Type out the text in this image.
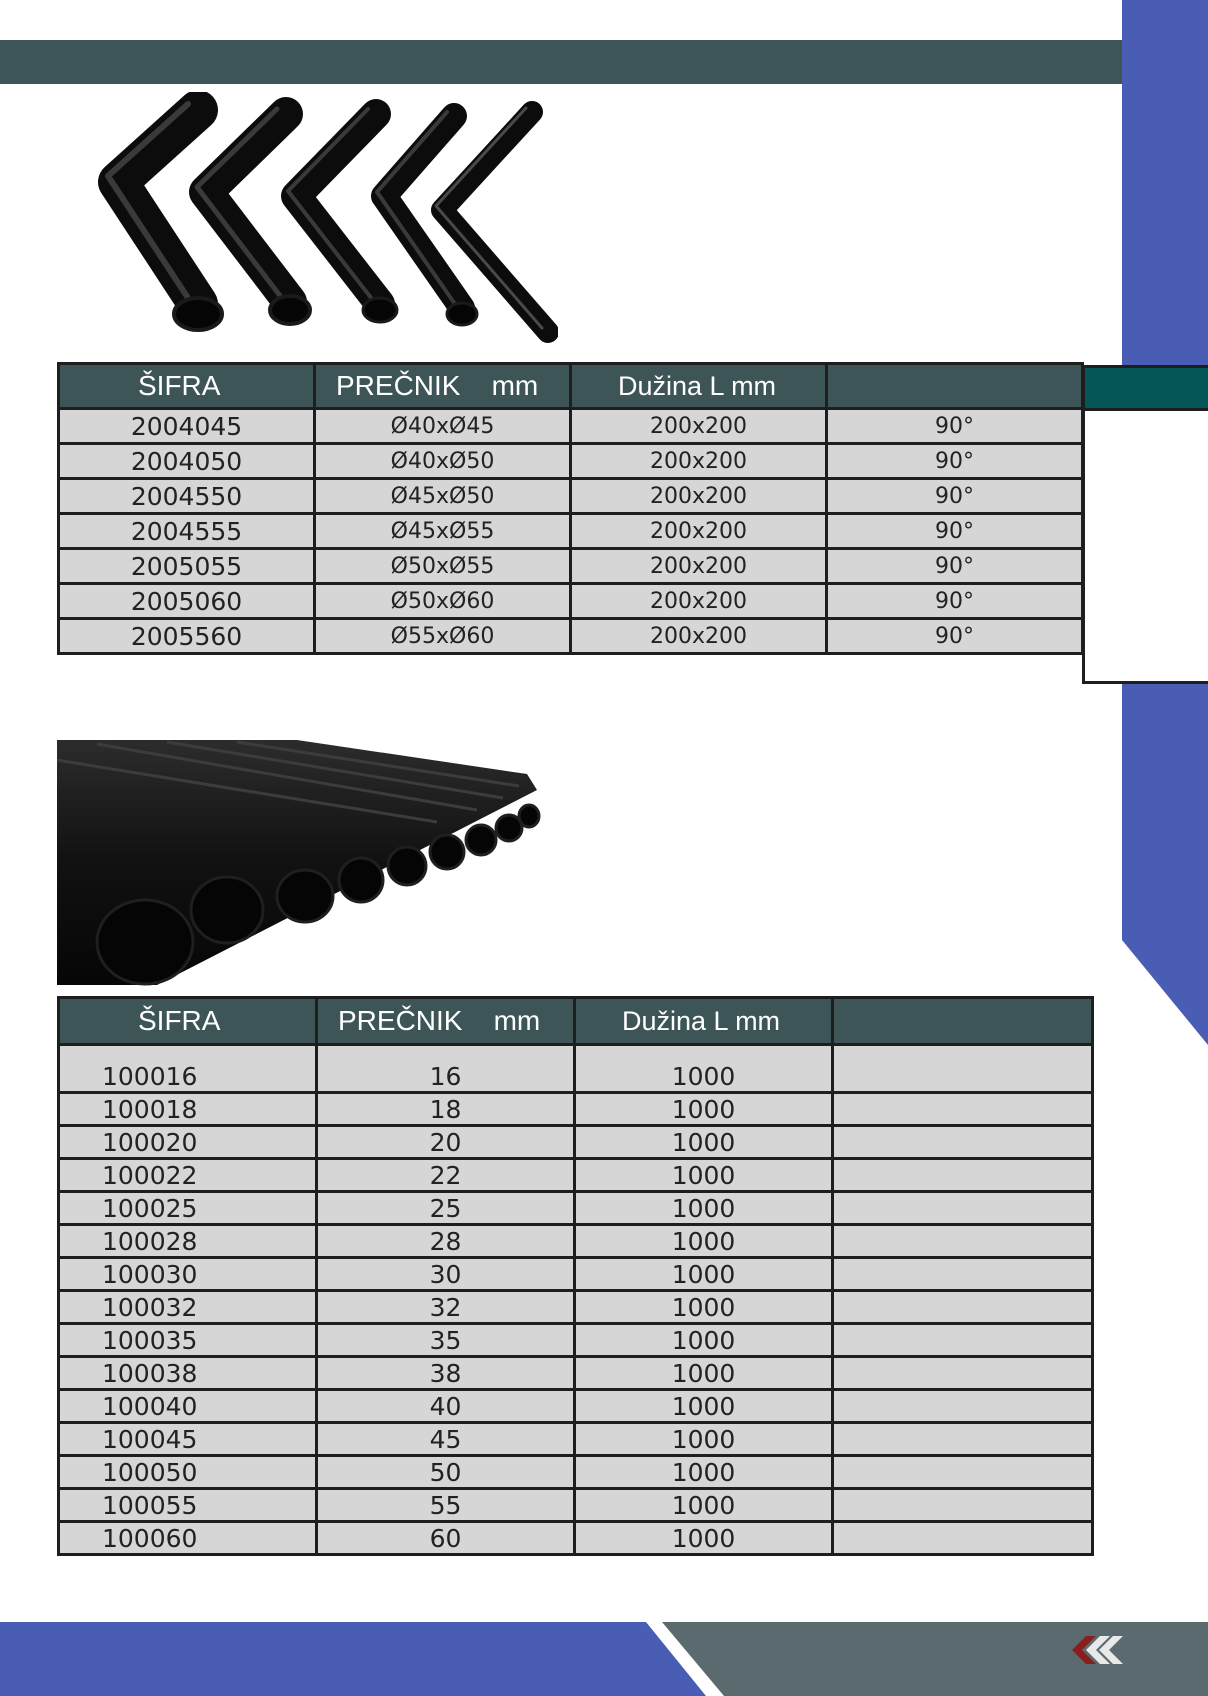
ŠIFRA	PREČNIK    mm	Dužina L mm	
2004045	Ø40xØ45	200x200	90°
2004050	Ø40xØ50	200x200	90°
2004550	Ø45xØ50	200x200	90°
2004555	Ø45xØ55	200x200	90°
2005055	Ø50xØ55	200x200	90°
2005060	Ø50xØ60	200x200	90°
2005560	Ø55xØ60	200x200	90°
ŠIFRA	PREČNIK    mm	Dužina L mm	
100016	16	1000	
100018	18	1000	
100020	20	1000	
100022	22	1000	
100025	25	1000	
100028	28	1000	
100030	30	1000	
100032	32	1000	
100035	35	1000	
100038	38	1000	
100040	40	1000	
100045	45	1000	
100050	50	1000	
100055	55	1000	
100060	60	1000	
